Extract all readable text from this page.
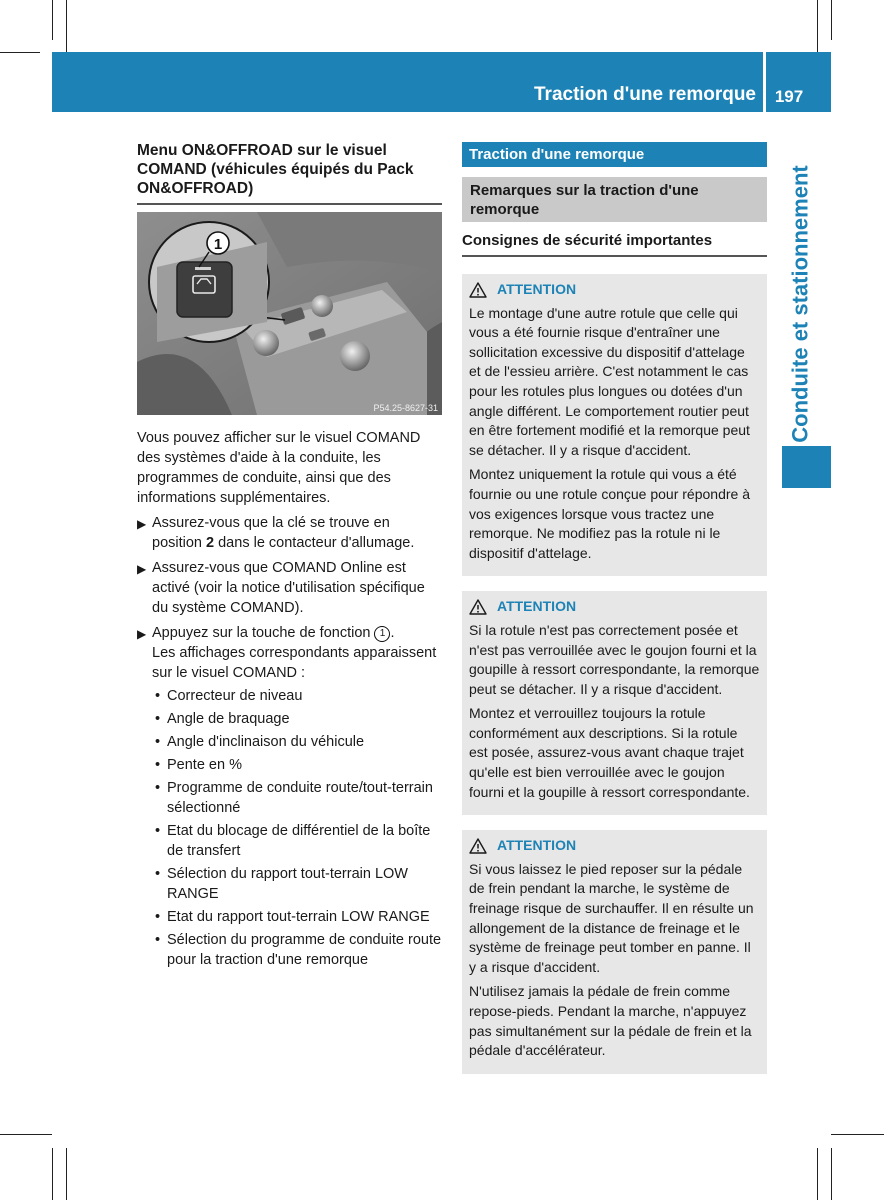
Traction d'une remorque	197
Conduite et stationnement

Menu ON&OFFROAD sur le visuel COMAND (véhicules équipés du Pack ON&OFFROAD)

1
P54.25-8627-31
Vous pouvez afficher sur le visuel COMAND des systèmes d'aide à la conduite, les programmes de conduite, ainsi que des informations supplémentaires.
▶ Assurez-vous que la clé se trouve en position 2 dans le contacteur d'allumage.
▶ Assurez-vous que COMAND Online est activé (voir la notice d'utilisation spécifique du système COMAND).
▶ Appuyez sur la touche de fonction 1 .
Les affichages correspondants apparaissent sur le visuel COMAND :
• Correcteur de niveau
• Angle de braquage
• Angle d'inclinaison du véhicule
• Pente en %
• Programme de conduite route/tout-terrain sélectionné
• Etat du blocage de différentiel de la boîte de transfert
• Sélection du rapport tout-terrain LOW RANGE
• Etat du rapport tout-terrain LOW RANGE
• Sélection du programme de conduite route pour la traction d'une remorque
Traction d'une remorque
Remarques sur la traction d'une remorque
Consignes de sécurité importantes
ATTENTION

Le montage d'une autre rotule que celle qui vous a été fournie risque d'entraîner une sollicitation excessive du dispositif d'attelage et de l'essieu arrière. C'est notamment le cas pour les rotules plus longues ou dotées d'un angle différent. Le comportement routier peut en être fortement modifié et la remorque peut se détacher. Il y a risque d'accident.

Montez uniquement la rotule qui vous a été fournie ou une rotule conçue pour répondre à vos exigences lorsque vous tractez une remorque. Ne modifiez pas la rotule ni le dispositif d'attelage.

ATTENTION

Si la rotule n'est pas correctement posée et n'est pas verrouillée avec le goujon fourni et la goupille à ressort correspondante, la remorque peut se détacher. Il y a risque d'accident.

Montez et verrouillez toujours la rotule conformément aux descriptions. Si la rotule est posée, assurez-vous avant chaque trajet qu'elle est bien verrouillée avec le goujon fourni et la goupille à ressort correspondante.

ATTENTION

Si vous laissez le pied reposer sur la pédale de frein pendant la marche, le système de freinage risque de surchauffer. Il en résulte un allongement de la distance de freinage et le système de freinage peut tomber en panne. Il y a risque d'accident.

N'utilisez jamais la pédale de frein comme repose-pieds. Pendant la marche, n'appuyez pas simultanément sur la pédale de frein et la pédale d'accélérateur.
